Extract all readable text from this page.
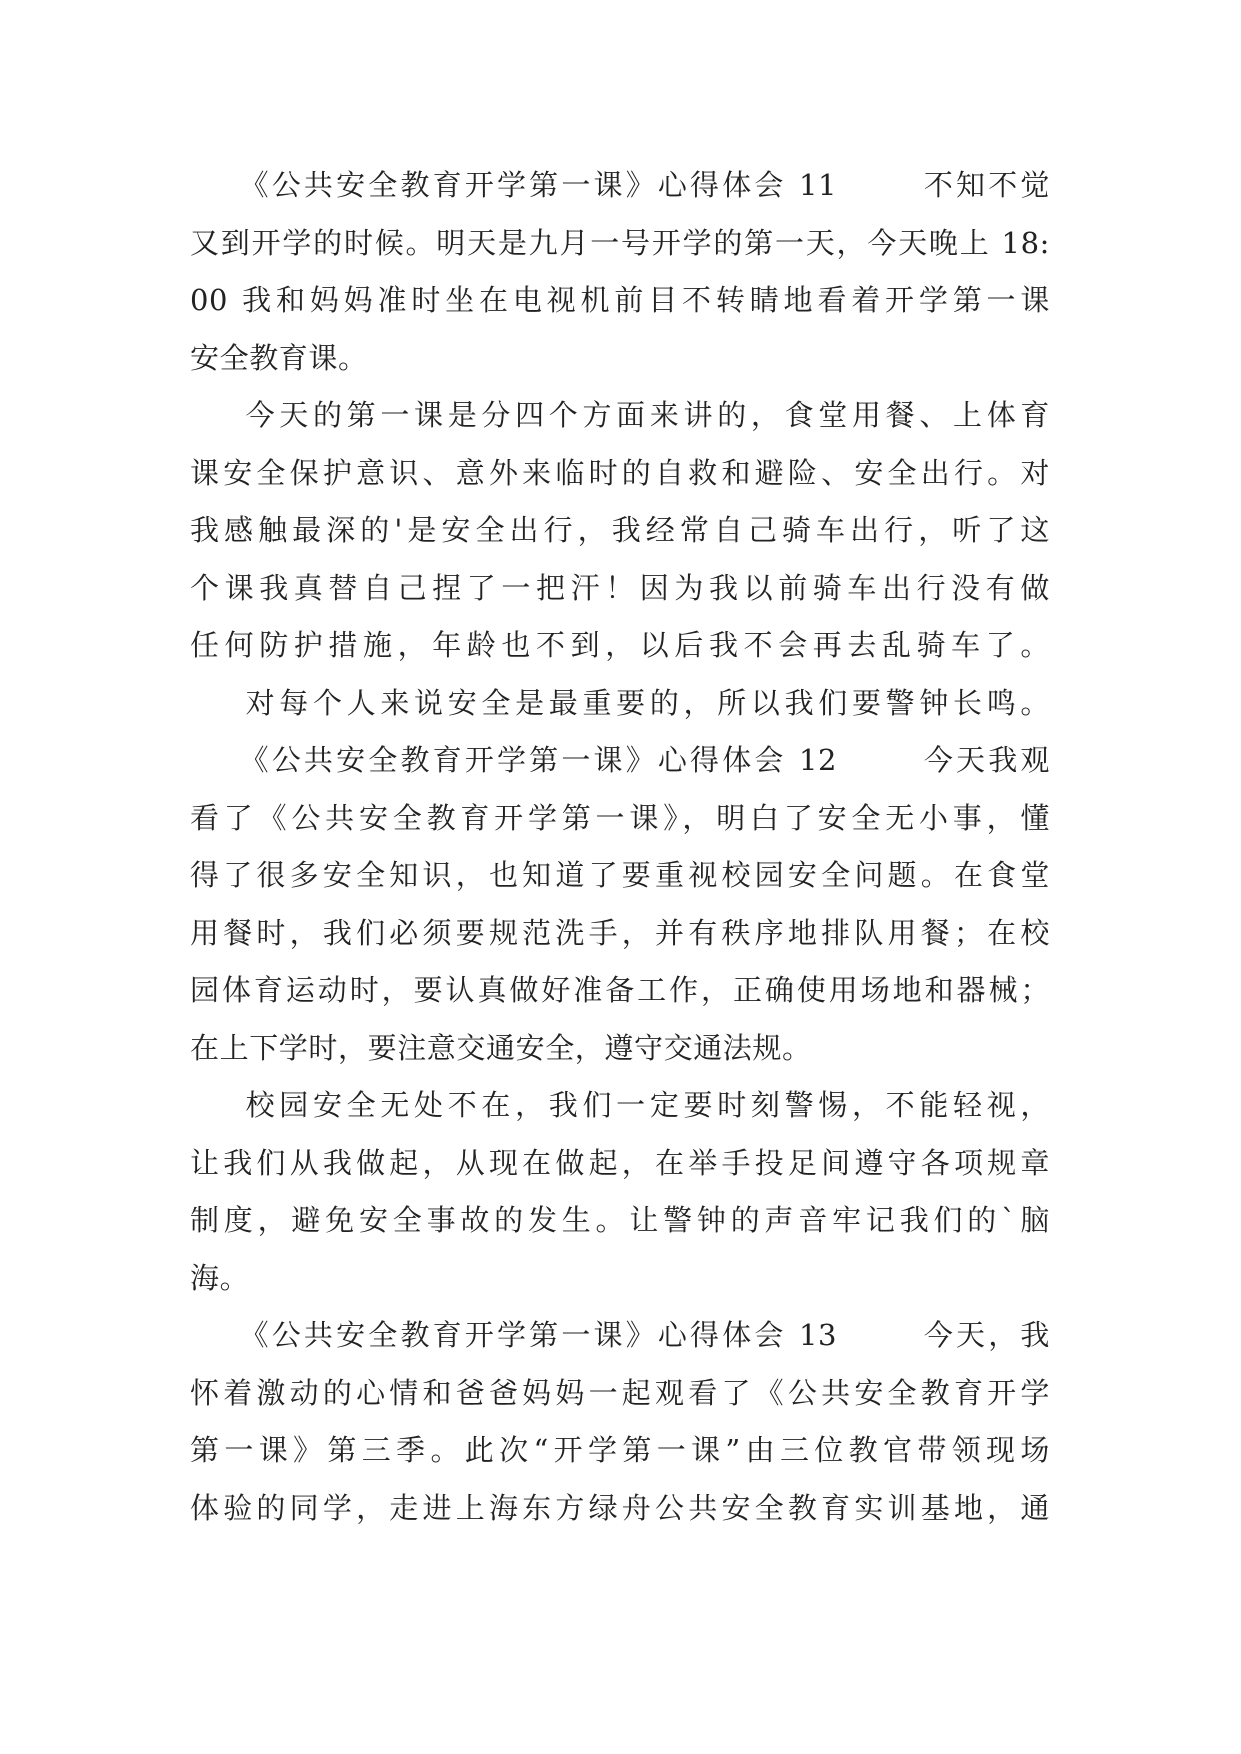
《公共安全教育开学第一课》心得体会 11       不知不觉
又到开学的时候。明天是九月一号开学的第一天，今天晚上 18:
00 我和妈妈准时坐在电视机前目不转睛地看着开学第一课
安全教育课。
今天的第一课是分四个方面来讲的，食堂用餐、上体育
课安全保护意识、意外来临时的自救和避险、安全出行。对
我感触最深的'是安全出行，我经常自己骑车出行，听了这
个课我真替自己捏了一把汗！因为我以前骑车出行没有做
任何防护措施，年龄也不到，以后我不会再去乱骑车了。
对每个人来说安全是最重要的，所以我们要警钟长鸣。
《公共安全教育开学第一课》心得体会 12       今天我观
看了《公共安全教育开学第一课》，明白了安全无小事，懂
得了很多安全知识，也知道了要重视校园安全问题。在食堂
用餐时，我们必须要规范洗手，并有秩序地排队用餐；在校
园体育运动时，要认真做好准备工作，正确使用场地和器械；
在上下学时，要注意交通安全，遵守交通法规。
校园安全无处不在，我们一定要时刻警惕，不能轻视，
让我们从我做起，从现在做起，在举手投足间遵守各项规章
制度，避免安全事故的发生。让警钟的声音牢记我们的`脑
海。
《公共安全教育开学第一课》心得体会 13       今天，我
怀着激动的心情和爸爸妈妈一起观看了《公共安全教育开学
第一课》第三季。此次“开学第一课”由三位教官带领现场
体验的同学，走进上海东方绿舟公共安全教育实训基地，通
